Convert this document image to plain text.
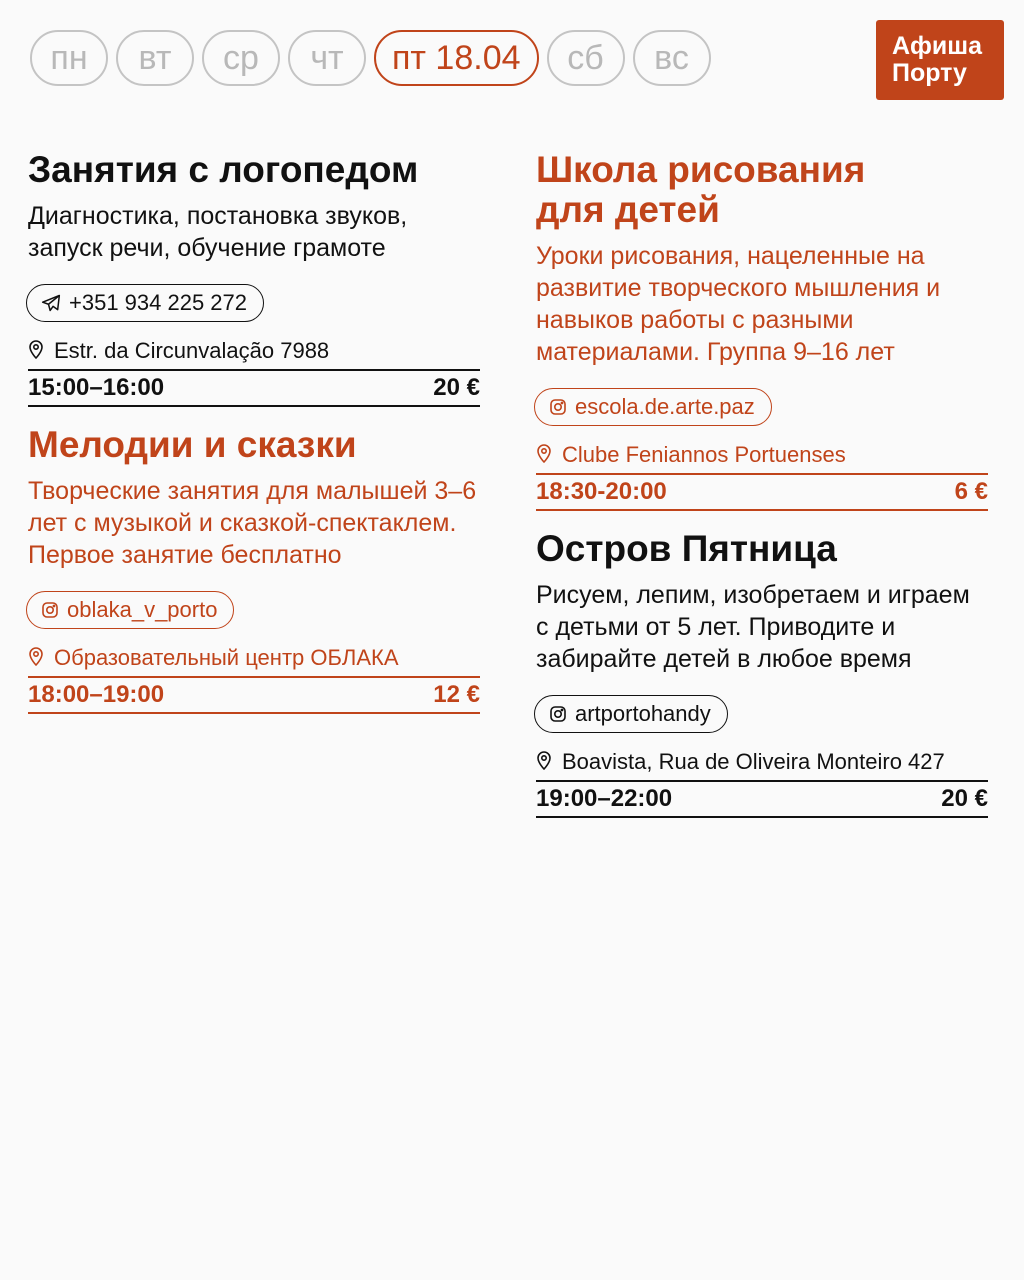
пн	вт	ср	чт	пт 18.04	сб	вс	Афиша
Порту
Занятия с логопедом
Диагностика, постановка звуков, запуск речи, обучение грамоте
+351 934 225 272
Estr. da Circunvalação 7988
15:00–16:00	20 €
Мелодии и сказки
Творческие занятия для малышей 3–6 лет с музыкой и сказкой-спектаклем. Первое занятие бесплатно
oblaka_v_porto
Образовательный центр ОБЛАКА
18:00–19:00	12 €
Школа рисования для детей
Уроки рисования, нацеленные на развитие творческого мышления и навыков работы с разными материалами. Группа 9–16 лет
escola.de.arte.paz
Clube Feniannos Portuenses
18:30-20:00	6 €
Остров Пятница
Рисуем, лепим, изобретаем и играем с детьми от 5 лет. Приводите и забирайте детей в любое время
artportohandy
Boavista, Rua de Oliveira Monteiro 427
19:00–22:00	20 €
